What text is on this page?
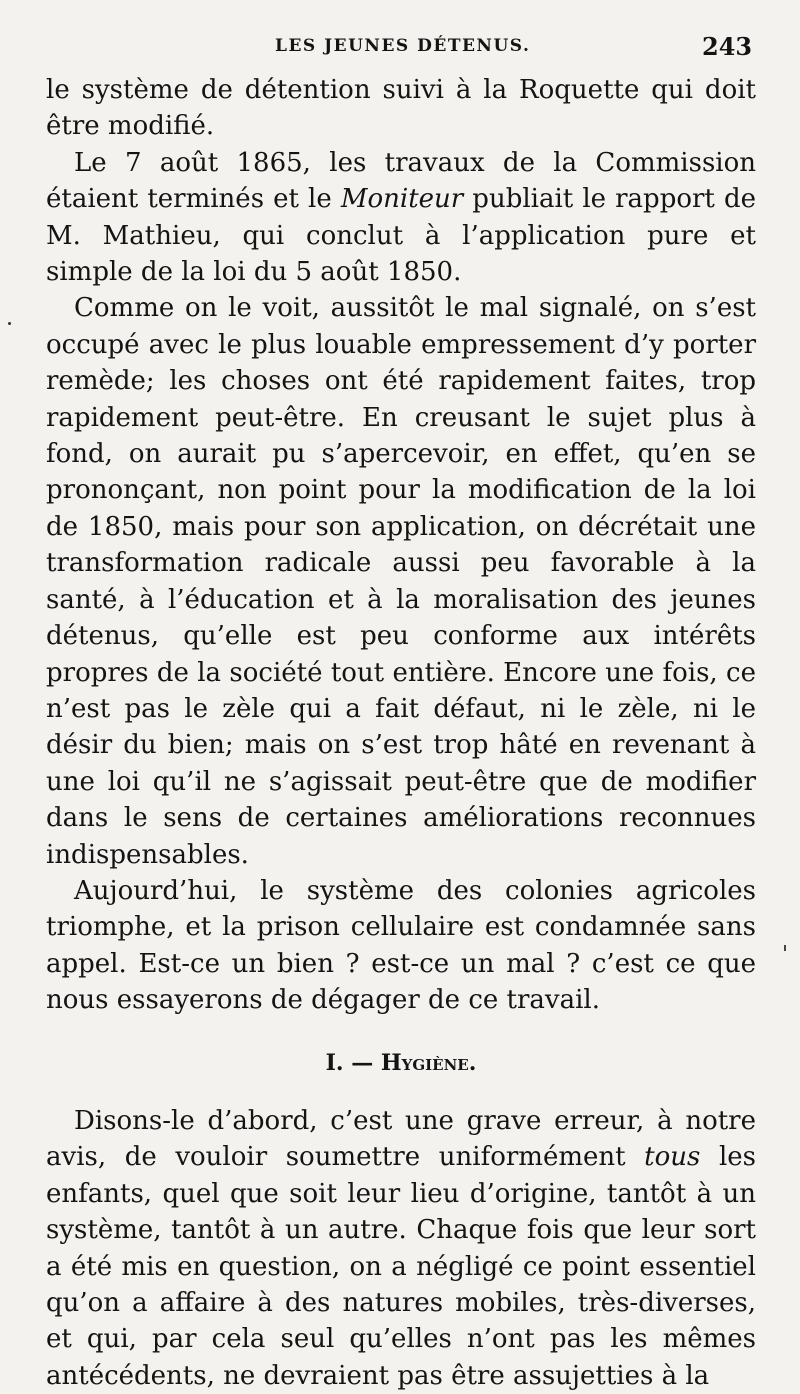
LES JEUNES DÉTENUS.	243

le système de détention suivi à la Roquette qui doit être modifié.

Le 7 août 1865, les travaux de la Commission étaient terminés et le Moniteur publiait le rapport de M. Mathieu, qui conclut à l’application pure et simple de la loi du 5 août 1850.

Comme on le voit, aussitôt le mal signalé, on s’est occupé avec le plus louable empressement d’y porter remède; les choses ont été rapidement faites, trop rapidement peut-être. En creusant le sujet plus à fond, on aurait pu s’apercevoir, en effet, qu’en se prononçant, non point pour la modification de la loi de 1850, mais pour son application, on décrétait une transformation radicale aussi peu favorable à la santé, à l’éducation et à la moralisation des jeunes détenus, qu’elle est peu conforme aux intérêts propres de la société tout entière. Encore une fois, ce n’est pas le zèle qui a fait défaut, ni le zèle, ni le désir du bien; mais on s’est trop hâté en revenant à une loi qu’il ne s’agissait peut-être que de modifier dans le sens de certaines améliorations reconnues indispensables.

Aujourd’hui, le système des colonies agricoles triomphe, et la prison cellulaire est condamnée sans appel. Est-ce un bien ? est-ce un mal ? c’est ce que nous essayerons de dégager de ce travail.

I. — Hygiène.

Disons-le d’abord, c’est une grave erreur, à notre avis, de vouloir soumettre uniformément tous les enfants, quel que soit leur lieu d’origine, tantôt à un système, tantôt à un autre. Chaque fois que leur sort a été mis en question, on a négligé ce point essentiel qu’on a affaire à des natures mobiles, très-diverses, et qui, par cela seul qu’elles n’ont pas les mêmes antécédents, ne devraient pas être assujetties à la
